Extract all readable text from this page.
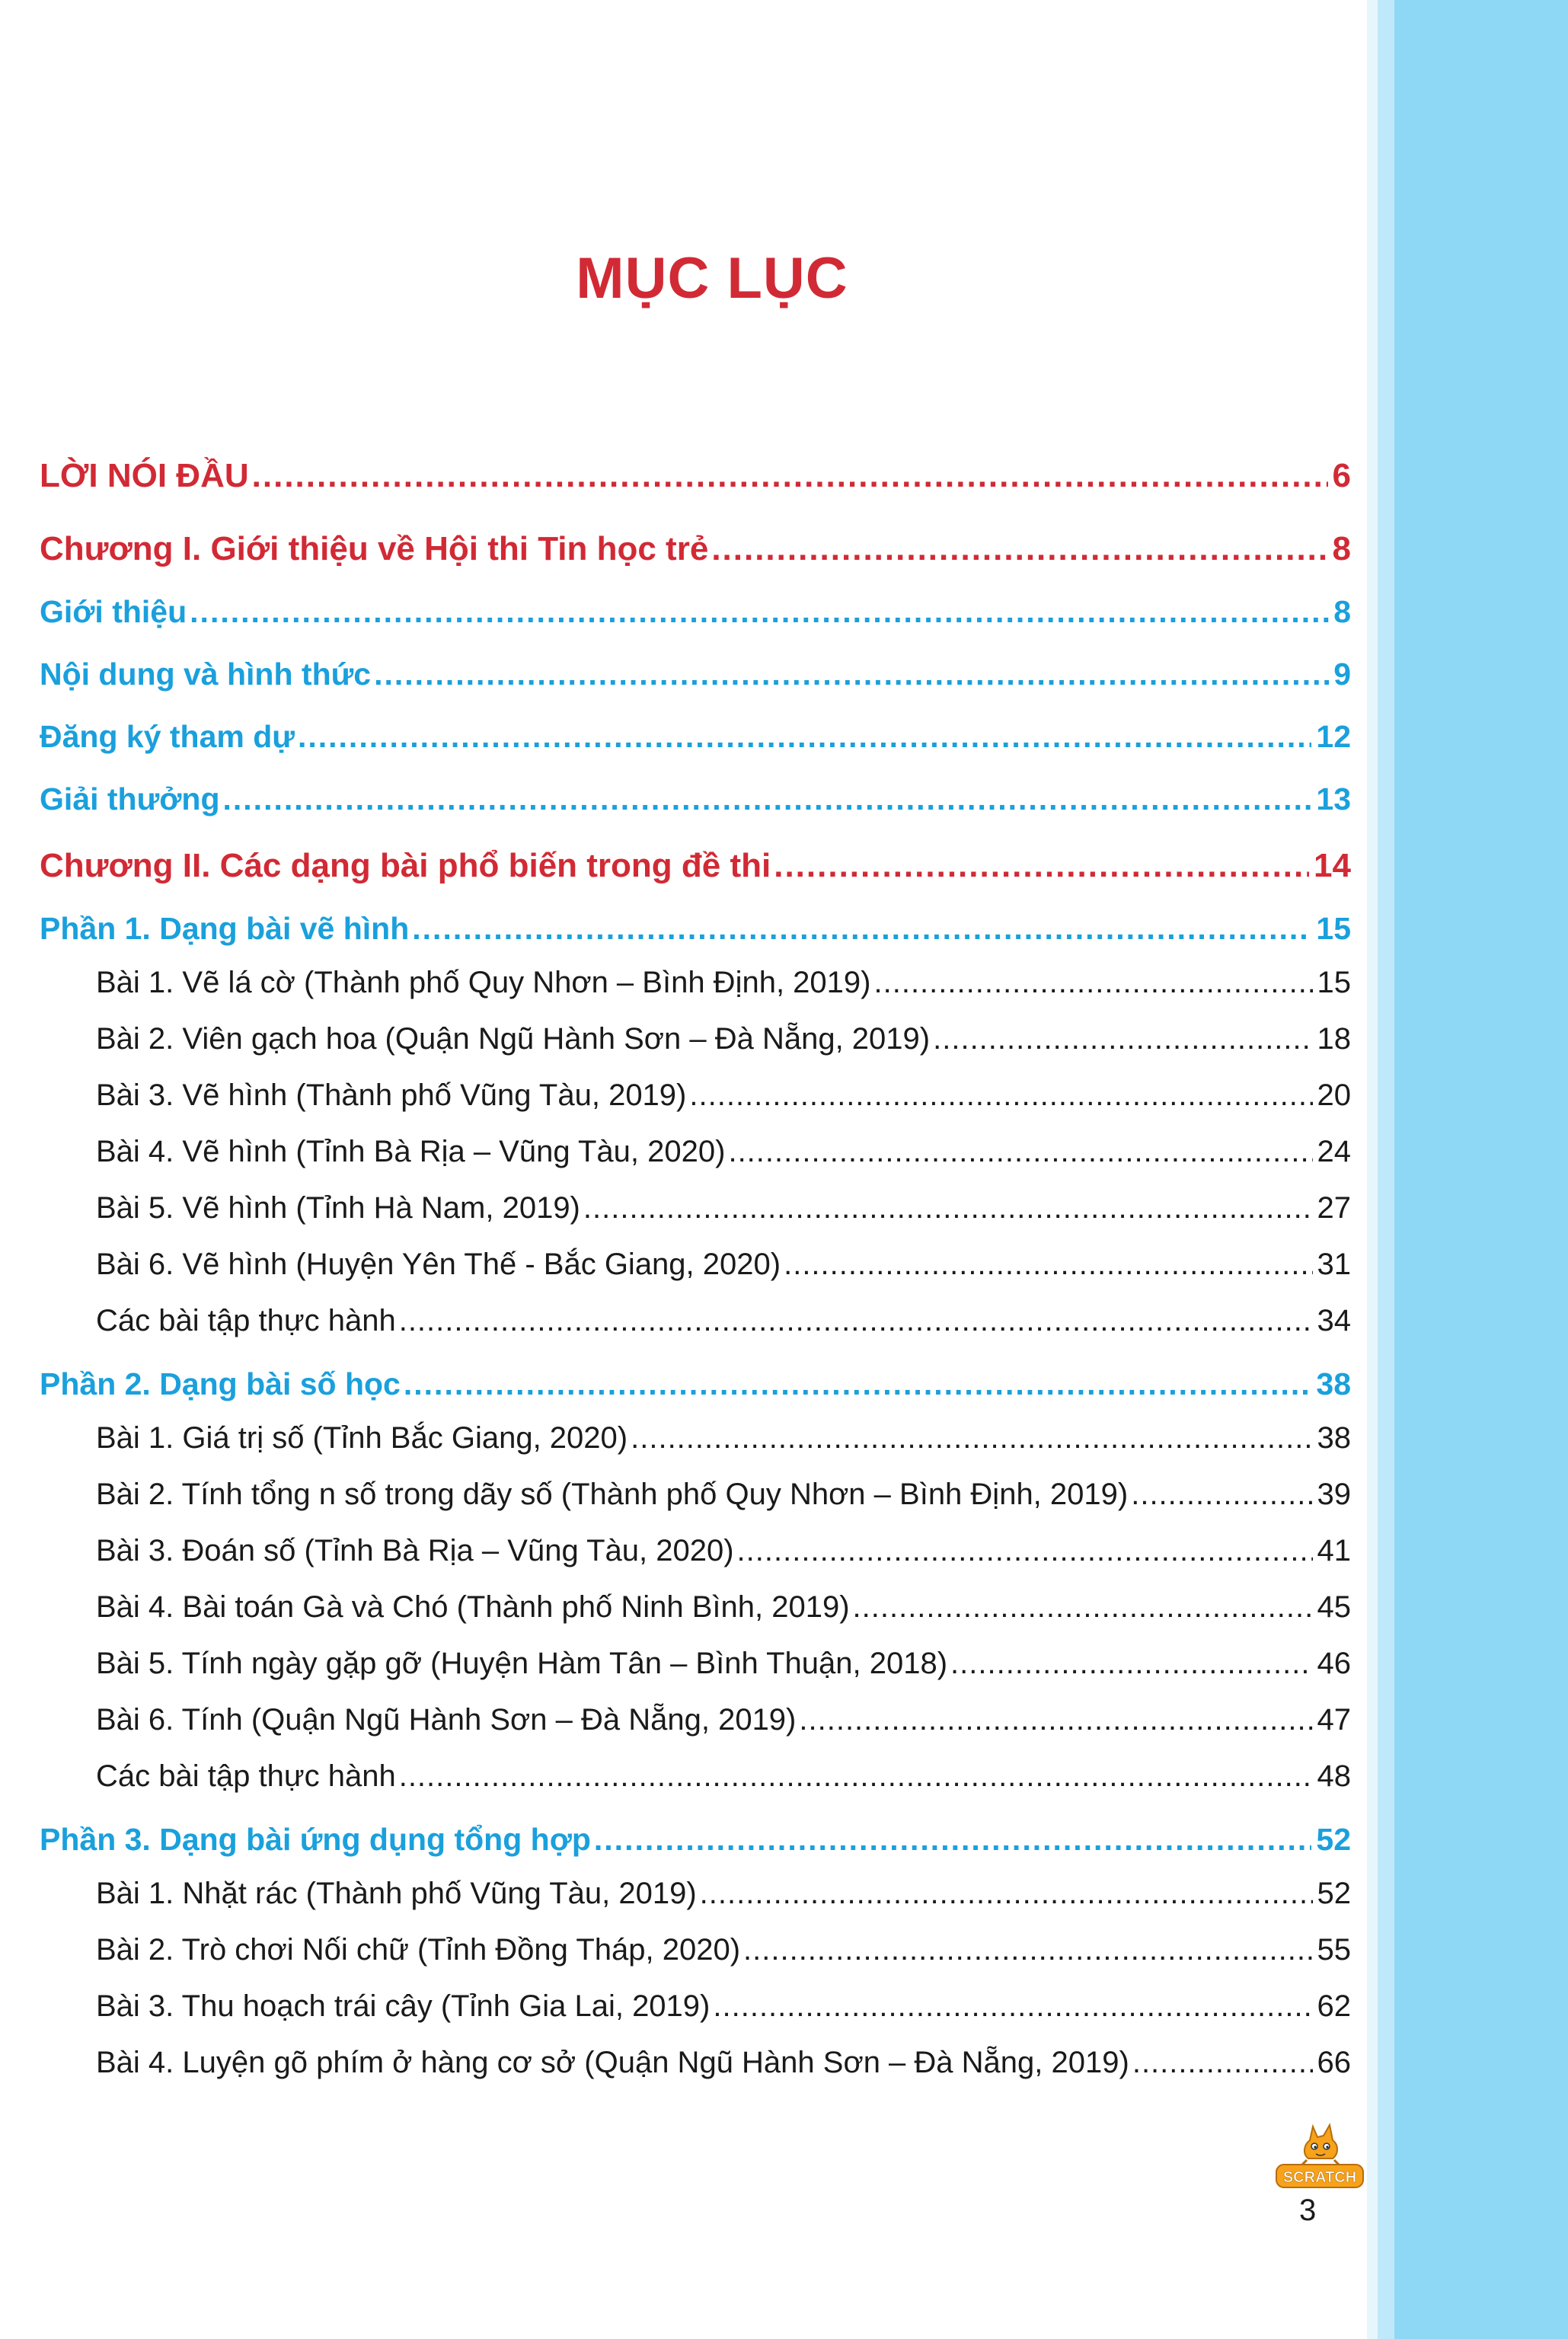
MỤC LỤC
LỜI NÓI ĐẦU .....	6
Chương I. Giới thiệu về Hội thi Tin học trẻ .....	8
Giới thiệu .....	8
Nội dung và hình thức .....	9
Đăng ký tham dự .....	12
Giải thưởng .....	13
Chương II. Các dạng bài phổ biến trong đề thi .....	14
Phần 1. Dạng bài vẽ hình .....	15
Bài 1. Vẽ lá cờ (Thành phố Quy Nhơn – Bình Định, 2019) .....	15
Bài 2. Viên gạch hoa (Quận Ngũ Hành Sơn – Đà Nẵng, 2019) .....	18
Bài 3. Vẽ hình (Thành phố Vũng Tàu, 2019) .....	20
Bài 4. Vẽ hình (Tỉnh Bà Rịa – Vũng Tàu, 2020) .....	24
Bài 5. Vẽ hình (Tỉnh Hà Nam, 2019) .....	27
Bài 6. Vẽ hình (Huyện Yên Thế - Bắc Giang, 2020) .....	31
Các bài tập thực hành .....	34
Phần 2. Dạng bài số học .....	38
Bài 1. Giá trị số (Tỉnh Bắc Giang, 2020) .....	38
Bài 2. Tính tổng n số trong dãy số (Thành phố Quy Nhơn – Bình Định, 2019) .....	39
Bài 3. Đoán số (Tỉnh Bà Rịa – Vũng Tàu, 2020) .....	41
Bài 4. Bài toán Gà và Chó (Thành phố Ninh Bình, 2019) .....	45
Bài 5. Tính ngày gặp gỡ (Huyện Hàm Tân – Bình Thuận, 2018) .....	46
Bài 6. Tính (Quận Ngũ Hành Sơn – Đà Nẵng, 2019) .....	47
Các bài tập thực hành .....	48
Phần 3. Dạng bài ứng dụng tổng hợp .....	52
Bài 1. Nhặt rác (Thành phố Vũng Tàu, 2019) .....	52
Bài 2. Trò chơi Nối chữ (Tỉnh Đồng Tháp, 2020) .....	55
Bài 3. Thu hoạch trái cây (Tỉnh Gia Lai, 2019) .....	62
Bài 4. Luyện gõ phím ở hàng cơ sở (Quận Ngũ Hành Sơn – Đà Nẵng, 2019) .....	66
SCRATCH
3
